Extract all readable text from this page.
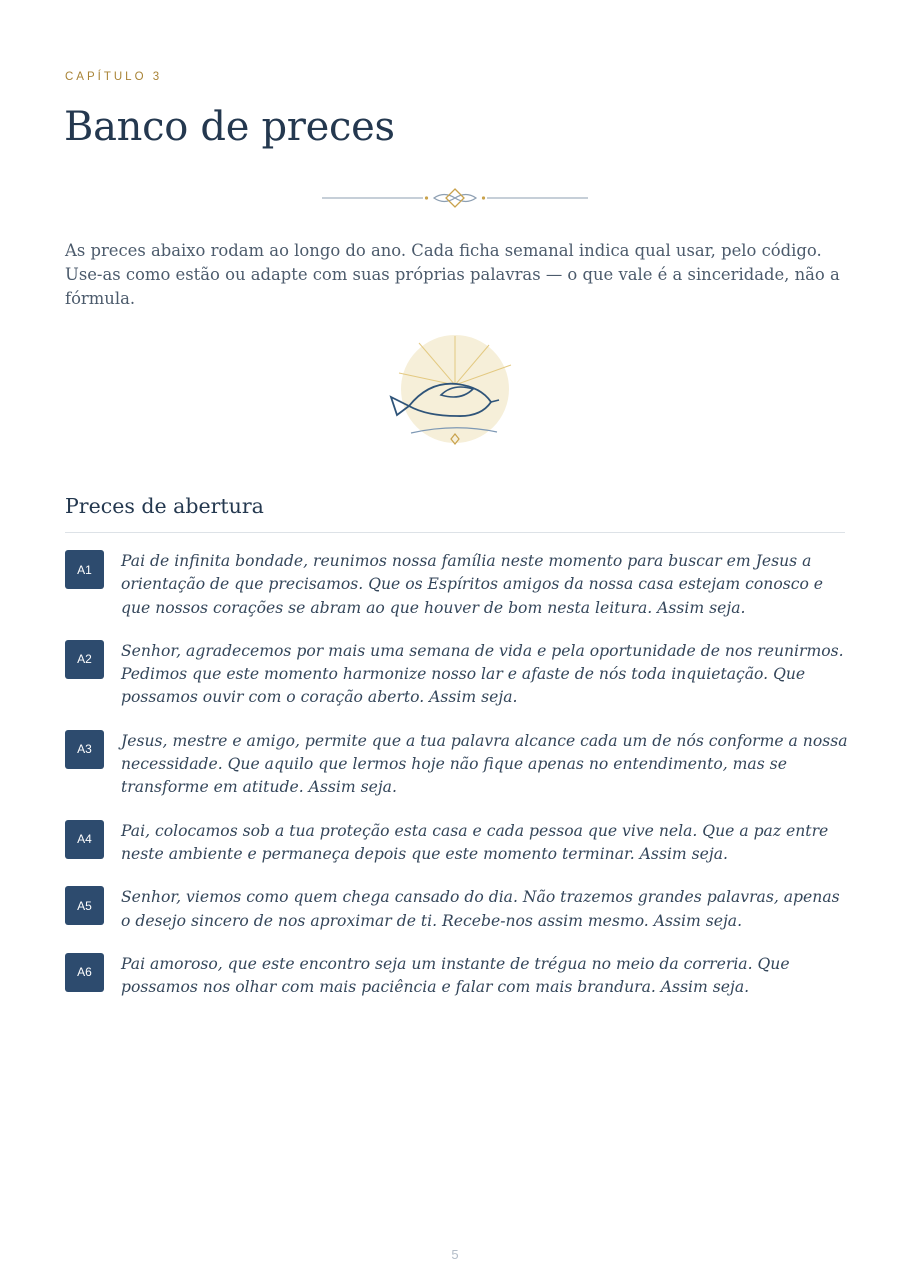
CAPÍTULO 3
Banco de preces

As preces abaixo rodam ao longo do ano. Cada ficha semanal indica qual usar, pelo código. Use-as como estão ou adapte com suas próprias palavras — o que vale é a sinceridade, não a fórmula.

Preces de abertura
A1	Pai de infinita bondade, reunimos nossa família neste momento para buscar em Jesus a orientação de que precisamos. Que os Espíritos amigos da nossa casa estejam conosco e que nossos corações se abram ao que houver de bom nesta leitura. Assim seja.

A2	Senhor, agradecemos por mais uma semana de vida e pela oportunidade de nos reunirmos. Pedimos que este momento harmonize nosso lar e afaste de nós toda inquietação. Que possamos ouvir com o coração aberto. Assim seja.

A3	Jesus, mestre e amigo, permite que a tua palavra alcance cada um de nós conforme a nossa necessidade. Que aquilo que lermos hoje não fique apenas no entendimento, mas se transforme em atitude. Assim seja.

A4	Pai, colocamos sob a tua proteção esta casa e cada pessoa que vive nela. Que a paz entre neste ambiente e permaneça depois que este momento terminar. Assim seja.

A5	Senhor, viemos como quem chega cansado do dia. Não trazemos grandes palavras, apenas o desejo sincero de nos aproximar de ti. Recebe-nos assim mesmo. Assim seja.

A6	Pai amoroso, que este encontro seja um instante de trégua no meio da correria. Que possamos nos olhar com mais paciência e falar com mais brandura. Assim seja.

5
